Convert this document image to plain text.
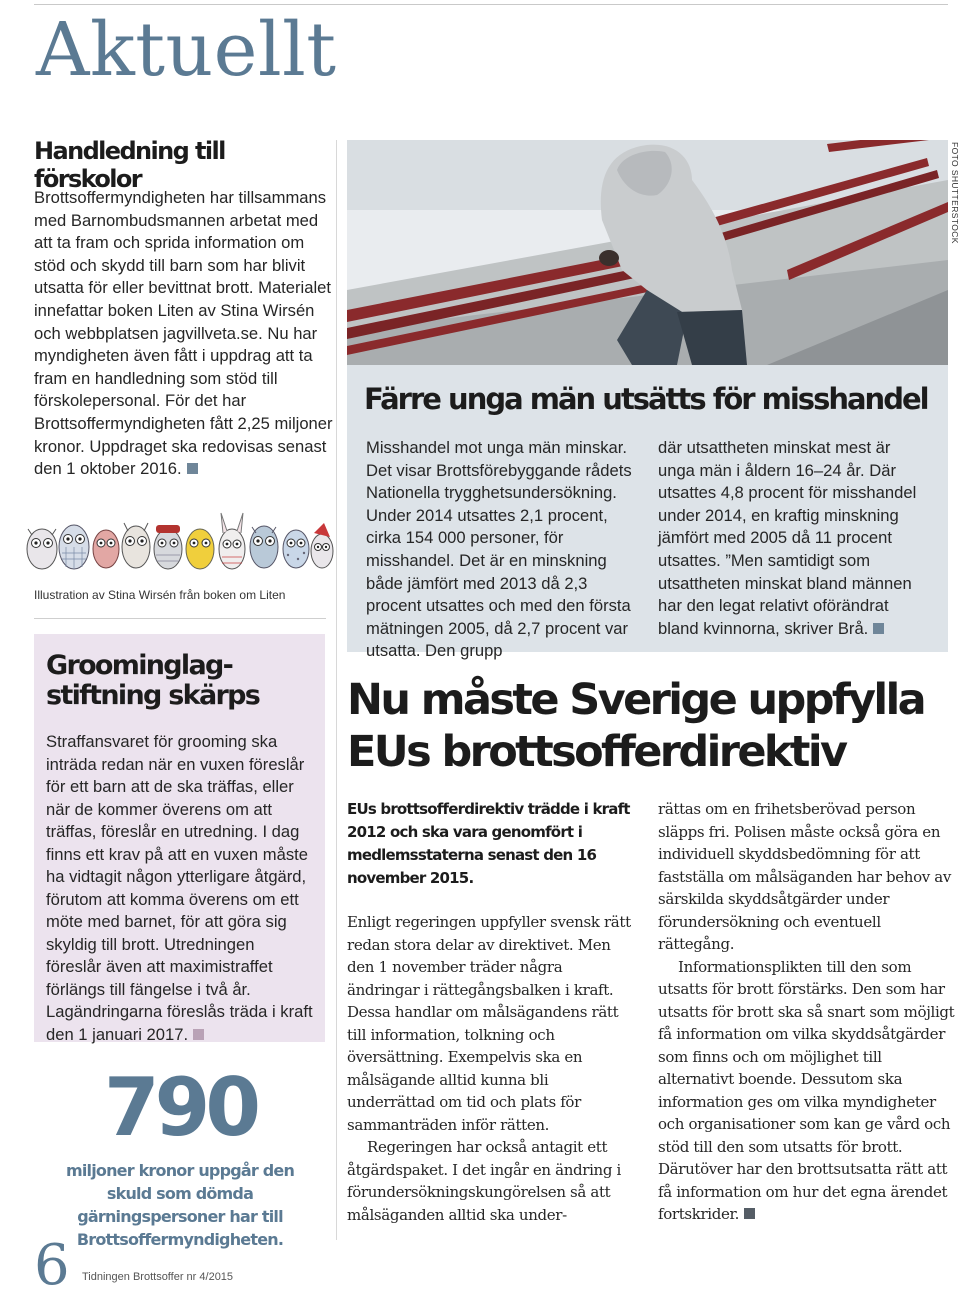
Aktuellt
Handledning till förskolor

Brottsoffermyndigheten har tillsammans med Barnombudsmannen arbetat med att ta fram och sprida information om stöd och skydd till barn som har blivit utsatta för eller bevittnat brott. Materialet innefattar boken Liten av Stina Wirsén och webbplatsen jagvillveta.se. Nu har myndigheten även fått i uppdrag att ta fram en handledning som stöd till förskolepersonal. För det har Brottsoffermyndigheten fått 2,25 miljoner kronor. Uppdraget ska redovisas senast den 1 oktober 2016.

Illustration av Stina Wirsén från boken om Liten

Groominglag-
stiftning skärps

Straffansvaret för grooming ska inträda redan när en vuxen föreslår för ett barn att de ska träffas, eller när de kommer överens om att träffas, föreslår en utredning. I dag finns ett krav på att en vuxen måste ha vidtagit någon ytterligare åtgärd, förutom att komma överens om ett möte med barnet, för att göra sig skyldig till brott. Utredningen föreslår även att maximistraffet förlängs till fängelse i två år. Lagändringarna föreslås träda i kraft den 1 januari 2017.

790

miljoner kronor uppgår den skuld som dömda gärningspersoner har till Brottsoffermyndigheten.

6 Tidningen Brottsoffer nr 4/2015

FOTO SHUTTERSTOCK
Färre unga män utsätts för misshandel

Misshandel mot unga män minskar. Det visar Brottsförebyggande rådets Nationella trygghetsundersökning. Under 2014 utsattes 2,1 procent, cirka 154 000 personer, för misshandel. Det är en minskning både jämfört med 2013 då 2,3 procent utsattes och med den första mätningen 2005, då 2,7 procent var utsatta. Den grupp

där utsattheten minskat mest är unga män i åldern 16–24 år. Där utsattes 4,8 procent för misshandel under 2014, en kraftig minskning jämfört med 2005 då 11 procent utsattes. ”Men samtidigt som utsattheten minskat bland männen har den legat relativt oförändrat bland kvinnorna, skriver Brå.

Nu måste Sverige uppfylla EUs brottsofferdirektiv

EUs brottsofferdirektiv trädde i kraft 2012 och ska vara genomfört i medlemsstaterna senast den 16 november 2015.

Enligt regeringen uppfyller svensk rätt redan stora delar av direktivet. Men den 1 november träder några ändringar i rättegångsbalken i kraft. Dessa handlar om målsägandens rätt till information, tolkning och översättning. Exempelvis ska en målsägande alltid kunna bli underrättad om tid och plats för sammanträden inför rätten.

Regeringen har också antagit ett åtgärdspaket. I det ingår en ändring i förundersökningskungörelsen så att målsäganden alltid ska under-

rättas om en frihetsberövad person släpps fri. Polisen måste också göra en individuell skyddsbedömning för att fastställa om målsäganden har behov av särskilda skyddsåtgärder under förundersökning och eventuell rättegång.

Informationsplikten till den som utsatts för brott förstärks. Den som har utsatts för brott ska så snart som möjligt få information om vilka skyddsåtgärder som finns och om möjlighet till alternativt boende. Dessutom ska information ges om vilka myndigheter och organisationer som kan ge vård och stöd till den som utsatts för brott. Därutöver har den brottsutsatta rätt att få information om hur det egna ärendet fortskrider.
